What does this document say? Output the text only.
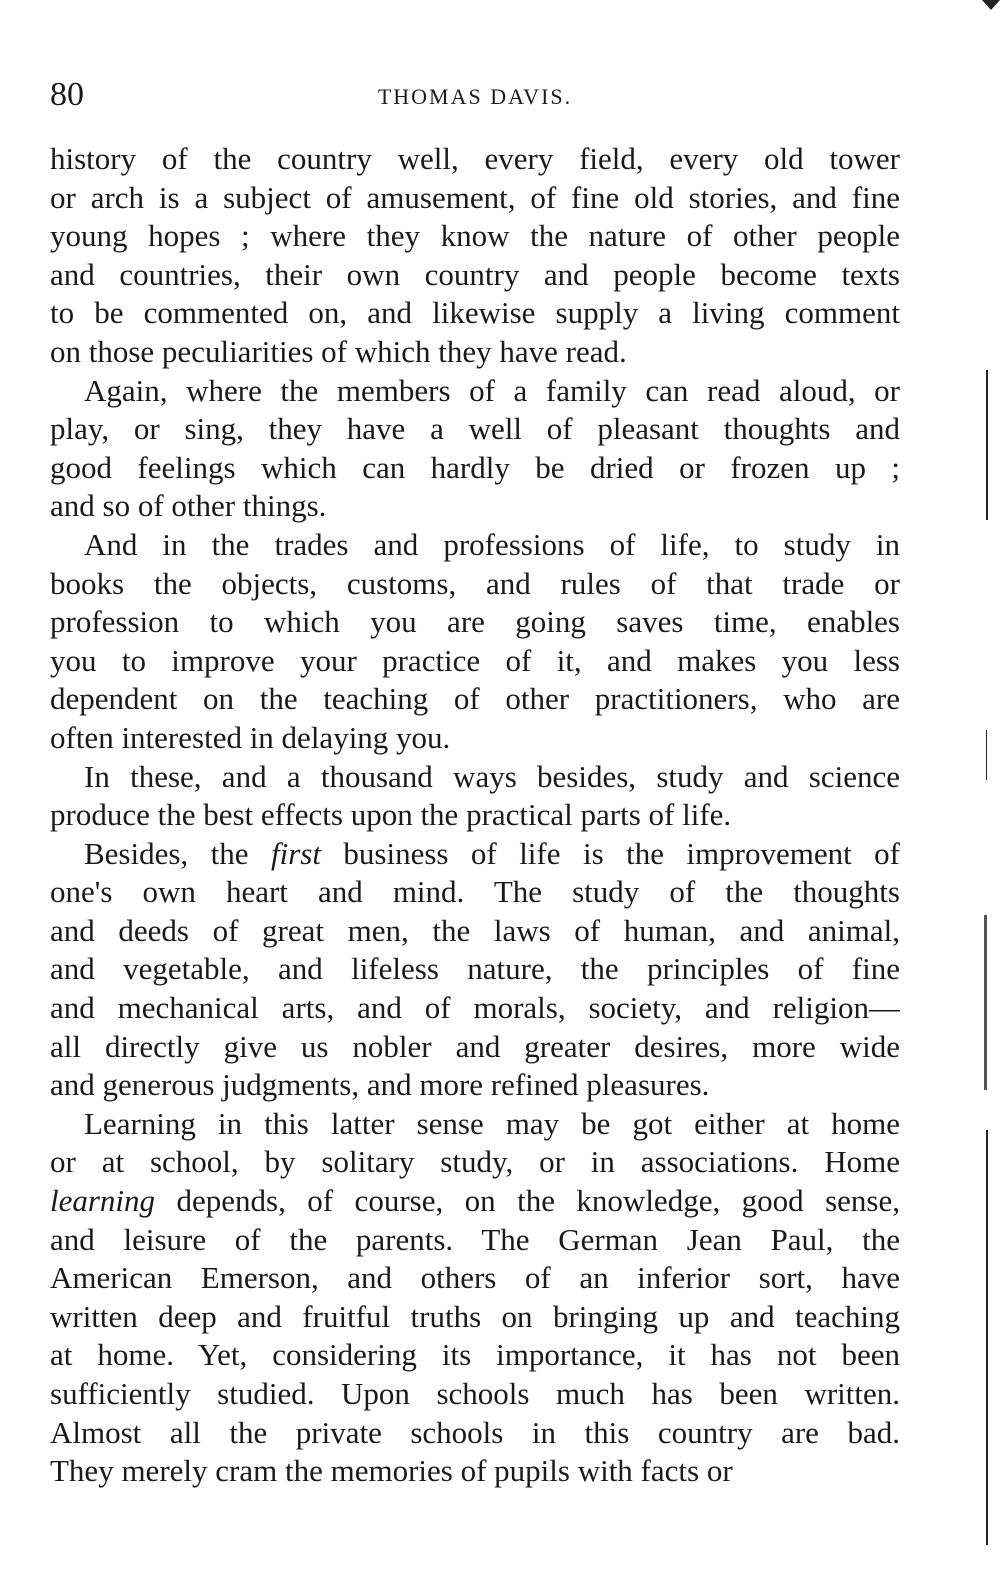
80	THOMAS DAVIS.
history of the country well, every field, every old tower
or arch is a subject of amusement, of fine old stories, and fine
young hopes ; where they know the nature of other people
and countries, their own country and people become texts
to be commented on, and likewise supply a living comment
on those peculiarities of which they have read.
Again, where the members of a family can read aloud, or
play, or sing, they have a well of pleasant thoughts and
good feelings which can hardly be dried or frozen up ;
and so of other things.
And in the trades and professions of life, to study in
books the objects, customs, and rules of that trade or
profession to which you are going saves time, enables
you to improve your practice of it, and makes you less
dependent on the teaching of other practitioners, who are
often interested in delaying you.
In these, and a thousand ways besides, study and science
produce the best effects upon the practical parts of life.
Besides, the first business of life is the improvement of
one's own heart and mind. The study of the thoughts
and deeds of great men, the laws of human, and animal,
and vegetable, and lifeless nature, the principles of fine
and mechanical arts, and of morals, society, and religion—
all directly give us nobler and greater desires, more wide
and generous judgments, and more refined pleasures.
Learning in this latter sense may be got either at home
or at school, by solitary study, or in associations. Home
learning depends, of course, on the knowledge, good sense,
and leisure of the parents. The German Jean Paul, the
American Emerson, and others of an inferior sort, have
written deep and fruitful truths on bringing up and teaching
at home. Yet, considering its importance, it has not been
sufficiently studied. Upon schools much has been written.
Almost all the private schools in this country are bad.
They merely cram the memories of pupils with facts or
